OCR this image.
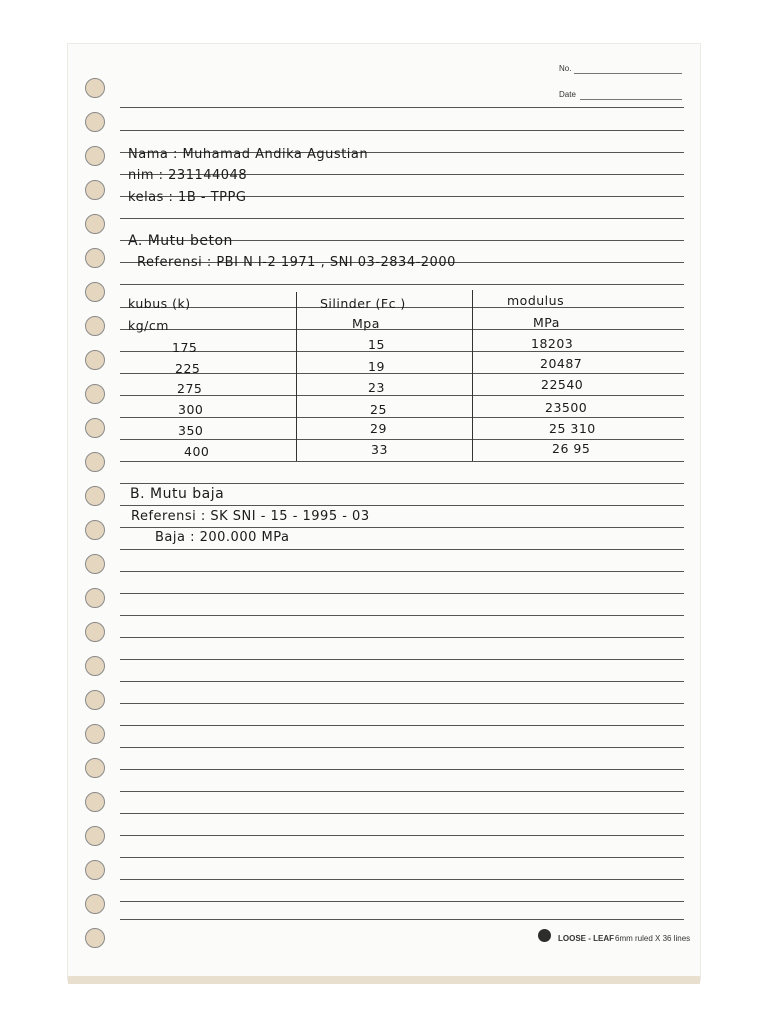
No.
Date
Nama : Muhamad Andika Agustian
nim : 231144048
kelas : 1B - TPPG
A. Mutu beton
Referensi : PBI N I-2 1971 , SNI 03-2834-2000
kubus (k)	Silinder (Fc )	modulus
kg/cm	Mpa	MPa
175	15	18203
225	19	20487
275	23	22540
300	25	23500
350	29	25 310
400	33	26 95
B. Mutu baja
Referensi : SK SNI - 15 - 1995 - 03
Baja : 200.000 MPa
LOOSE - LEAF 6mm ruled X 36 lines
